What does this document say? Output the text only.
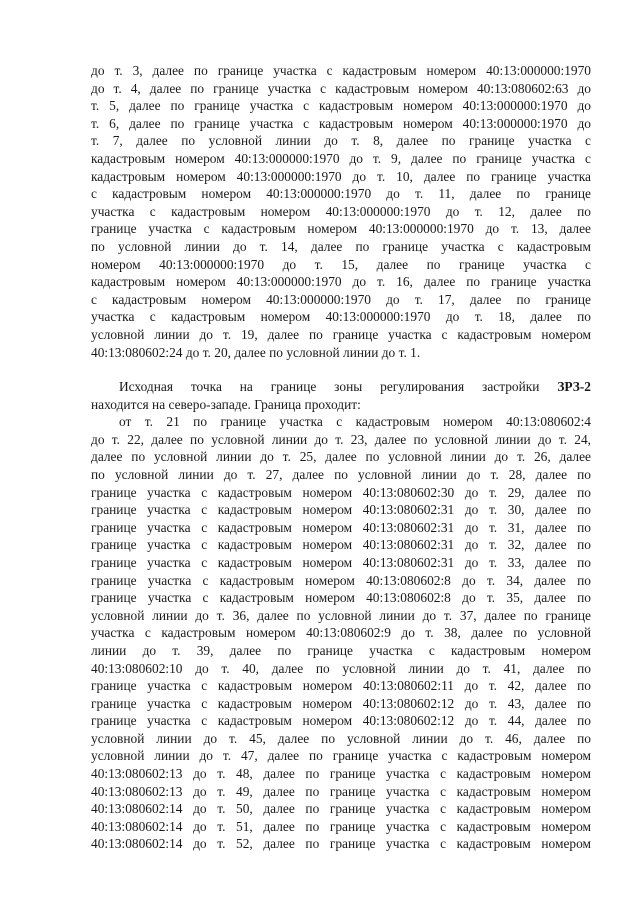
до т. 3, далее по границе участка с кадастровым номером 40:13:000000:1970
до т. 4, далее по границе участка с кадастровым номером 40:13:080602:63 до
т. 5, далее по границе участка с кадастровым номером 40:13:000000:1970 до
т. 6, далее по границе участка с кадастровым номером 40:13:000000:1970 до
т. 7, далее по условной линии до т. 8, далее по границе участка с
кадастровым номером 40:13:000000:1970 до т. 9, далее по границе участка с
кадастровым номером 40:13:000000:1970 до т. 10, далее по границе участка
с кадастровым номером 40:13:000000:1970 до т. 11, далее по границе
участка с кадастровым номером 40:13:000000:1970 до т. 12, далее по
границе участка с кадастровым номером 40:13:000000:1970 до т. 13, далее
по условной линии до т. 14, далее по границе участка с кадастровым
номером 40:13:000000:1970 до т. 15, далее по границе участка с
кадастровым номером 40:13:000000:1970 до т. 16, далее по границе участка
с кадастровым номером 40:13:000000:1970 до т. 17, далее по границе
участка с кадастровым номером 40:13:000000:1970 до т. 18, далее по
условной линии до т. 19, далее по границе участка с кадастровым номером
40:13:080602:24 до т. 20, далее по условной линии до т. 1.
Исходная точка на границе зоны регулирования застройки ЗРЗ-2
находится на северо-западе. Граница проходит:
от т. 21 по границе участка с кадастровым номером 40:13:080602:4
до т. 22, далее по условной линии до т. 23, далее по условной линии до т. 24,
далее по условной линии до т. 25, далее по условной линии до т. 26, далее
по условной линии до т. 27, далее по условной линии до т. 28, далее по
границе участка с кадастровым номером 40:13:080602:30 до т. 29, далее по
границе участка с кадастровым номером 40:13:080602:31 до т. 30, далее по
границе участка с кадастровым номером 40:13:080602:31 до т. 31, далее по
границе участка с кадастровым номером 40:13:080602:31 до т. 32, далее по
границе участка с кадастровым номером 40:13:080602:31 до т. 33, далее по
границе участка с кадастровым номером 40:13:080602:8 до т. 34, далее по
границе участка с кадастровым номером 40:13:080602:8 до т. 35, далее по
условной линии до т. 36, далее по условной линии до т. 37, далее по границе
участка с кадастровым номером 40:13:080602:9 до т. 38, далее по условной
линии до т. 39, далее по границе участка с кадастровым номером
40:13:080602:10 до т. 40, далее по условной линии до т. 41, далее по
границе участка с кадастровым номером 40:13:080602:11 до т. 42, далее по
границе участка с кадастровым номером 40:13:080602:12 до т. 43, далее по
границе участка с кадастровым номером 40:13:080602:12 до т. 44, далее по
условной линии до т. 45, далее по условной линии до т. 46, далее по
условной линии до т. 47, далее по границе участка с кадастровым номером
40:13:080602:13 до т. 48, далее по границе участка с кадастровым номером
40:13:080602:13 до т. 49, далее по границе участка с кадастровым номером
40:13:080602:14 до т. 50, далее по границе участка с кадастровым номером
40:13:080602:14 до т. 51, далее по границе участка с кадастровым номером
40:13:080602:14 до т. 52, далее по границе участка с кадастровым номером
